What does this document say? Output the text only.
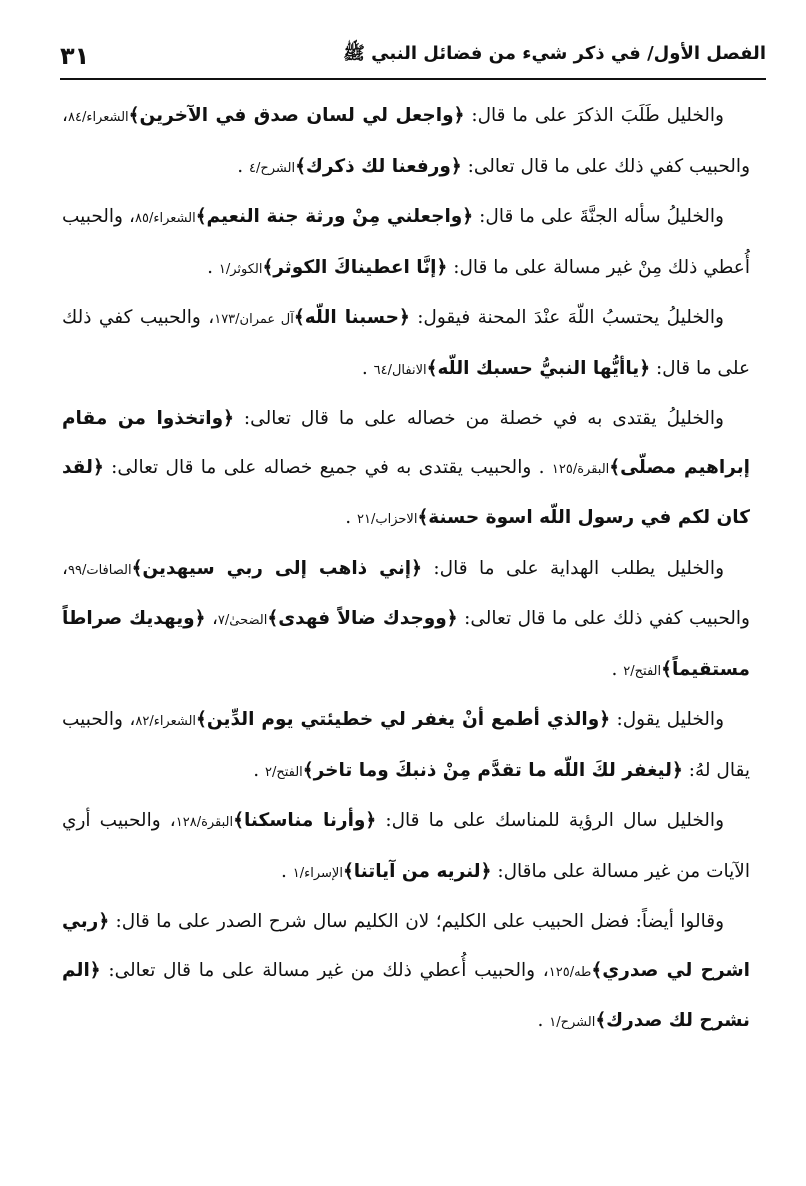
٣١	الفصل الأول/ في ذكر شيء من فضائل النبي ﷺ

والخليل طَلَبَ الذكرَ على ما قال: ﴿واجعل لي لسان صدق في الآخرين﴾الشعراء/٨٤، والحبيب كفي ذلك على ما قال تعالى: ﴿ورفعنا لك ذكرك﴾الشرح/٤ .

والخليلُ سأله الجنَّةَ على ما قال: ﴿واجعلني مِنْ ورثة جنة النعيم﴾الشعراء/٨٥، والحبيب أُعطي ذلك مِنْ غير مسالة على ما قال: ﴿إنَّا اعطيناكَ الكوثر﴾الكوثر/١ .

والخليلُ يحتسبُ اللّهَ عنْدَ المحنة فيقول: ﴿حسبنا اللّه﴾آل عمران/١٧٣، والحبيب كفي ذلك على ما قال: ﴿ياأيُّها النبيُّ حسبك اللّه﴾الانفال/٦٤ .

والخليلُ يقتدى به في خصلة من خصاله على ما قال تعالى: ﴿واتخذوا من مقام إبراهيم مصلّى﴾البقرة/١٢٥ . والحبيب يقتدى به في جميع خصاله على ما قال تعالى: ﴿لقد كان لكم في رسول اللّه اسوة حسنة﴾الاحزاب/٢١ .

والخليل يطلب الهداية على ما قال: ﴿إني ذاهب إلى ربي سيهدين﴾الصافات/٩٩، والحبيب كفي ذلك على ما قال تعالى: ﴿ووجدك ضالاً فهدى﴾الضحىٰ/٧، ﴿ويهديك صراطاً مستقيماً﴾الفتح/٢ .

والخليل يقول: ﴿والذي أطمع أنْ يغفر لي خطيئتي يوم الدِّين﴾الشعراء/٨٢، والحبيب يقال لهُ: ﴿ليغفر لكَ اللّه ما تقدَّم مِنْ ذنبكَ وما تاخر﴾الفتح/٢ .

والخليل سال الرؤية للمناسك على ما قال: ﴿وأرنا مناسكنا﴾البقرة/١٢٨، والحبيب أري الآيات من غير مسالة على ماقال: ﴿لنريه من آياتنا﴾الإسراء/١ .

وقالوا أيضاً: فضل الحبيب على الكليم؛ لان الكليم سال شرح الصدر على ما قال: ﴿ربي اشرح لي صدري﴾طه/١٢٥، والحبيب أُعطي ذلك من غير مسالة على ما قال تعالى: ﴿الم نشرح لك صدرك﴾الشرح/١ .
